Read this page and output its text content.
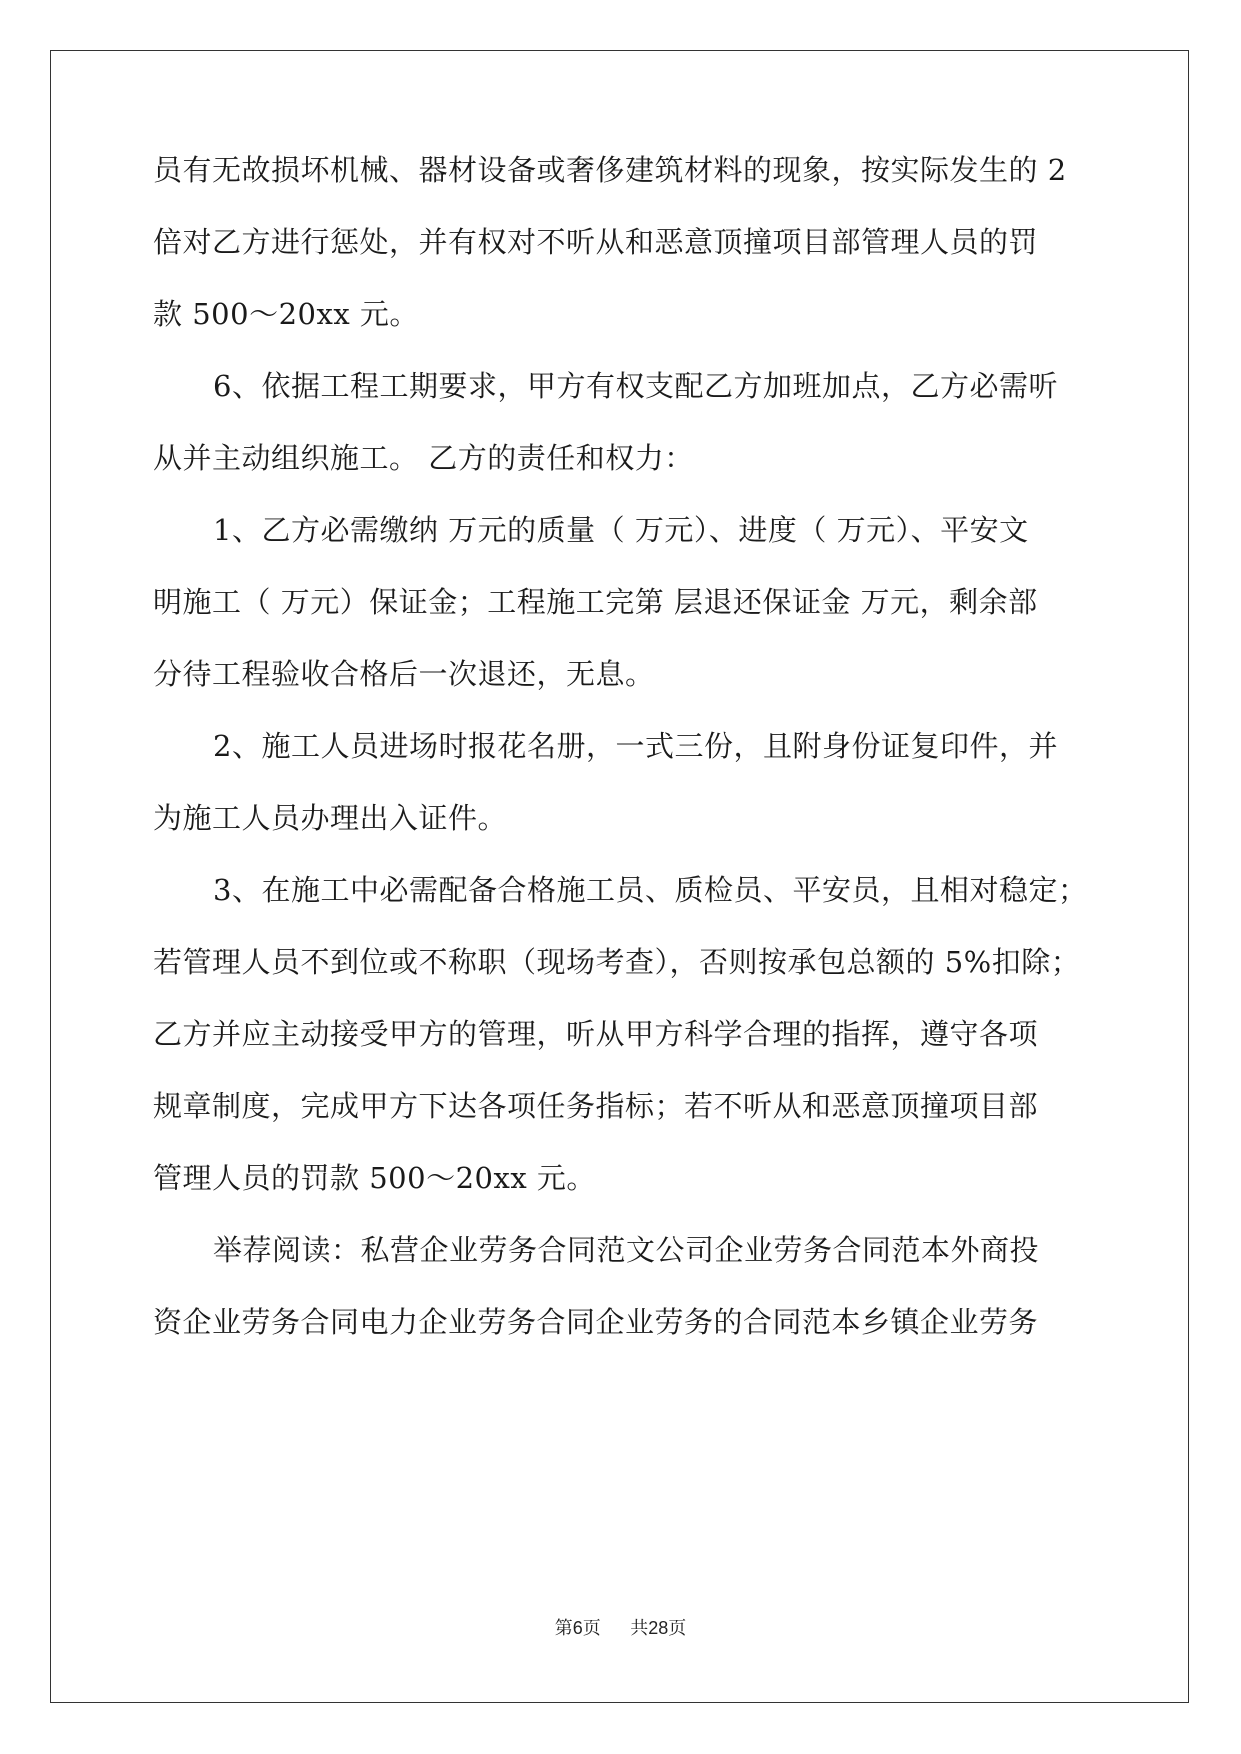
员有无故损坏机械、器材设备或奢侈建筑材料的现象，按实际发生的 2
倍对乙方进行惩处，并有权对不听从和恶意顶撞项目部管理人员的罚
款 500～20xx 元。
6、依据工程工期要求，甲方有权支配乙方加班加点，乙方必需听
从并主动组织施工。 乙方的责任和权力：
1、乙方必需缴纳 万元的质量（ 万元）、进度（ 万元）、平安文
明施工（ 万元）保证金；工程施工完第 层退还保证金 万元，剩余部
分待工程验收合格后一次退还，无息。
2、施工人员进场时报花名册，一式三份，且附身份证复印件，并
为施工人员办理出入证件。
3、在施工中必需配备合格施工员、质检员、平安员，且相对稳定；
若管理人员不到位或不称职（现场考查），否则按承包总额的 5%扣除；
乙方并应主动接受甲方的管理，听从甲方科学合理的指挥，遵守各项
规章制度，完成甲方下达各项任务指标；若不听从和恶意顶撞项目部
管理人员的罚款 500～20xx 元。
举荐阅读：私营企业劳务合同范文公司企业劳务合同范本外商投
资企业劳务合同电力企业劳务合同企业劳务的合同范本乡镇企业劳务
第6页 共28页
